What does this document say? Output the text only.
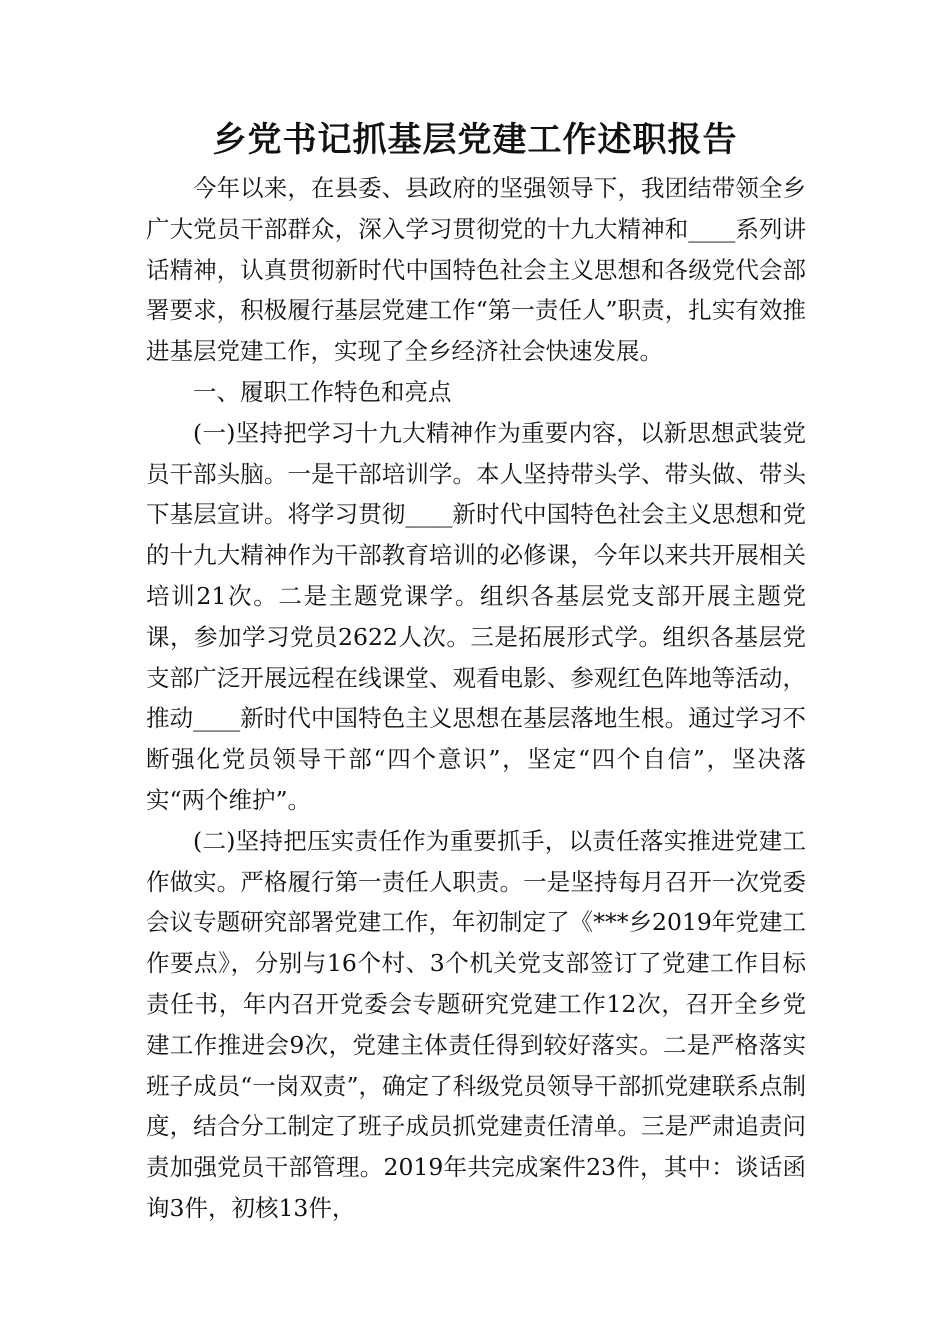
乡党书记抓基层党建工作述职报告

今年以来，在县委、县政府的坚强领导下，我团结带领全乡广大党员干部群众，深入学习贯彻党的十九大精神和____系列讲话精神，认真贯彻新时代中国特色社会主义思想和各级党代会部署要求，积极履行基层党建工作“第一责任人”职责，扎实有效推进基层党建工作，实现了全乡经济社会快速发展。

一、履职工作特色和亮点

(一)坚持把学习十九大精神作为重要内容，以新思想武装党员干部头脑。一是干部培训学。本人坚持带头学、带头做、带头下基层宣讲。将学习贯彻____新时代中国特色社会主义思想和党的十九大精神作为干部教育培训的必修课，今年以来共开展相关培训21次。二是主题党课学。组织各基层党支部开展主题党课，参加学习党员2622人次。三是拓展形式学。组织各基层党支部广泛开展远程在线课堂、观看电影、参观红色阵地等活动，推动____新时代中国特色主义思想在基层落地生根。通过学习不断强化党员领导干部“四个意识”，坚定“四个自信”，坚决落实“两个维护”。

(二)坚持把压实责任作为重要抓手，以责任落实推进党建工作做实。严格履行第一责任人职责。一是坚持每月召开一次党委会议专题研究部署党建工作，年初制定了《***乡2019年党建工作要点》，分别与16个村、3个机关党支部签订了党建工作目标责任书，年内召开党委会专题研究党建工作12次，召开全乡党建工作推进会9次，党建主体责任得到较好落实。二是严格落实班子成员“一岗双责”，确定了科级党员领导干部抓党建联系点制度，结合分工制定了班子成员抓党建责任清单。三是严肃追责问责加强党员干部管理。2019年共完成案件23件，其中：谈话函询3件，初核13件，
